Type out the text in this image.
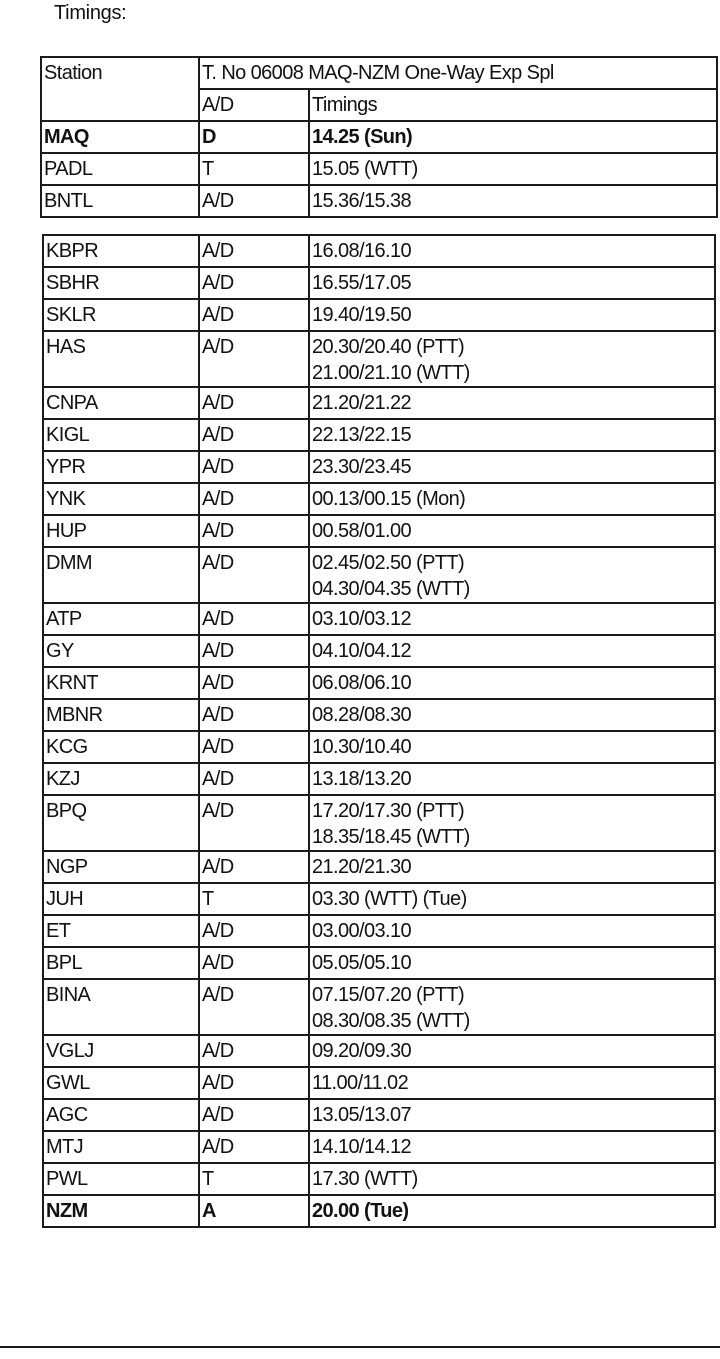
Timings:
Station	T. No 06008 MAQ-NZM One-Way Exp Spl	
	A/D	Timings
MAQ	D	14.25 (Sun)

PADL	T	15.05 (WTT)

BNTL	A/D	15.36/15.38
KBPR	A/D	16.08/16.10

SBHR	A/D	16.55/17.05

SKLR	A/D	19.40/19.50

HAS	A/D	20.30/20.40 (PTT)
21.00/21.10 (WTT)

CNPA	A/D	21.20/21.22

KIGL	A/D	22.13/22.15

YPR	A/D	23.30/23.45

YNK	A/D	00.13/00.15 (Mon)

HUP	A/D	00.58/01.00

DMM	A/D	02.45/02.50 (PTT)
04.30/04.35 (WTT)

ATP	A/D	03.10/03.12

GY	A/D	04.10/04.12

KRNT	A/D	06.08/06.10

MBNR	A/D	08.28/08.30

KCG	A/D	10.30/10.40

KZJ	A/D	13.18/13.20

BPQ	A/D	17.20/17.30 (PTT)
18.35/18.45 (WTT)

NGP	A/D	21.20/21.30

JUH	T	03.30 (WTT) (Tue)

ET	A/D	03.00/03.10

BPL	A/D	05.05/05.10

BINA	A/D	07.15/07.20 (PTT)
08.30/08.35 (WTT)

VGLJ	A/D	09.20/09.30

GWL	A/D	11.00/11.02

AGC	A/D	13.05/13.07

MTJ	A/D	14.10/14.12

PWL	T	17.30 (WTT)

NZM	A	20.00 (Tue)
